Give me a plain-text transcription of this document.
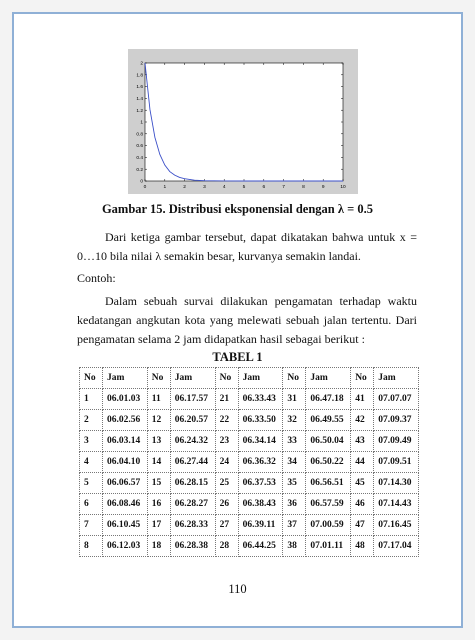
0	1	2	3	4	5	6	7	8	9	10
0
0.2
0.4
0.6
0.8
1
1.2
1.4
1.6
1.8
2
Gambar 15. Distribusi eksponensial dengan λ = 0.5
Dari ketiga gambar tersebut, dapat dikatakan bahwa untuk x = 0…10 bila nilai λ semakin besar, kurvanya semakin landai.
Contoh:
Dalam sebuah survai dilakukan pengamatan terhadap waktu kedatangan angkutan kota yang melewati sebuah jalan tertentu. Dari pengamatan selama 2 jam didapatkan hasil sebagai berikut :
TABEL 1
No	Jam	No	Jam	No	Jam	No	Jam	No	Jam
1	06.01.03	11	06.17.57	21	06.33.43	31	06.47.18	41	07.07.07
2	06.02.56	12	06.20.57	22	06.33.50	32	06.49.55	42	07.09.37
3	06.03.14	13	06.24.32	23	06.34.14	33	06.50.04	43	07.09.49
4	06.04.10	14	06.27.44	24	06.36.32	34	06.50.22	44	07.09.51
5	06.06.57	15	06.28.15	25	06.37.53	35	06.56.51	45	07.14.30
6	06.08.46	16	06.28.27	26	06.38.43	36	06.57.59	46	07.14.43
7	06.10.45	17	06.28.33	27	06.39.11	37	07.00.59	47	07.16.45
8	06.12.03	18	06.28.38	28	06.44.25	38	07.01.11	48	07.17.04
110
